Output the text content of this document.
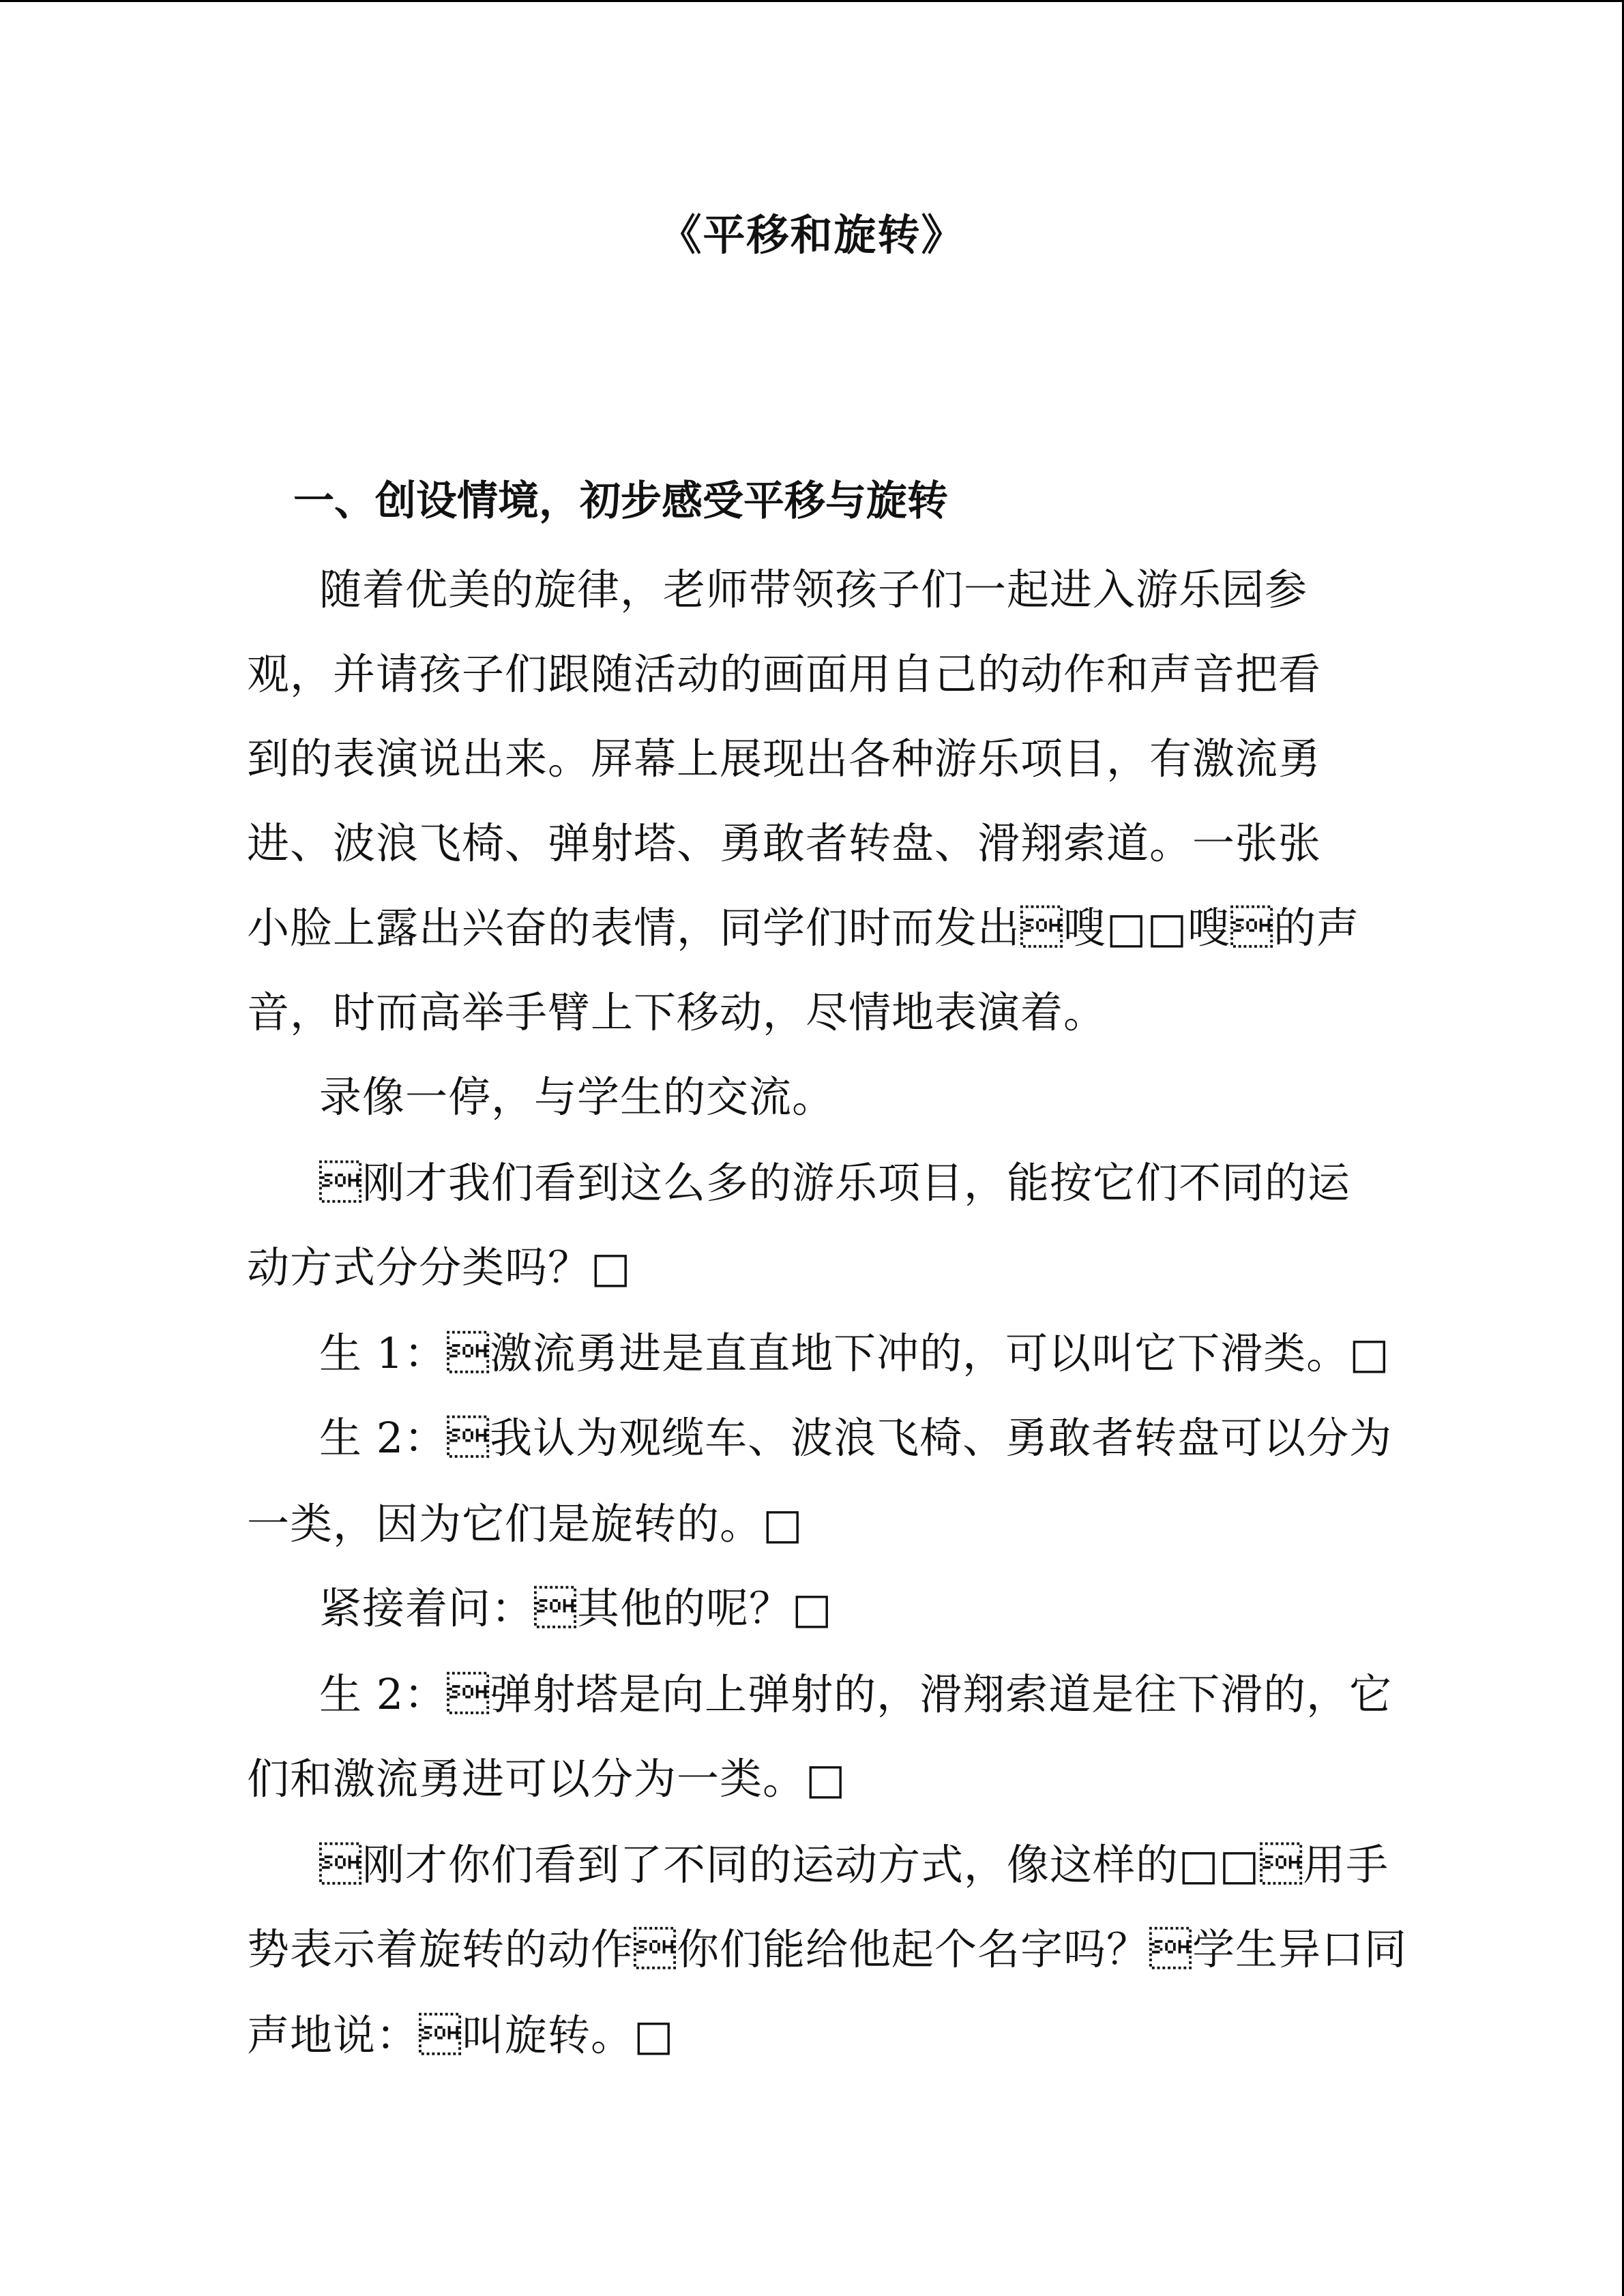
《平移和旋转》
一、创设情境，初步感受平移与旋转
随着优美的旋律，老师带领孩子们一起进入游乐园参
观，并请孩子们跟随活动的画面用自己的动作和声音把看
到的表演说出来。屏幕上展现出各种游乐项目，有激流勇
进、波浪飞椅、弹射塔、勇敢者转盘、滑翔索道。一张张
小脸上露出兴奋的表情，同学们时而发出嗖□□嗖的声
音，时而高举手臂上下移动，尽情地表演着。
录像一停，与学生的交流。
刚才我们看到这么多的游乐项目，能按它们不同的运
动方式分分类吗？□
生 1：激流勇进是直直地下冲的，可以叫它下滑类。□
生 2：我认为观缆车、波浪飞椅、勇敢者转盘可以分为
一类，因为它们是旋转的。□
紧接着问：其他的呢？□
生 2：弹射塔是向上弹射的，滑翔索道是往下滑的，它
们和激流勇进可以分为一类。□
刚才你们看到了不同的运动方式，像这样的□□用手
势表示着旋转的动作你们能给他起个名字吗？学生异口同
声地说：叫旋转。□
